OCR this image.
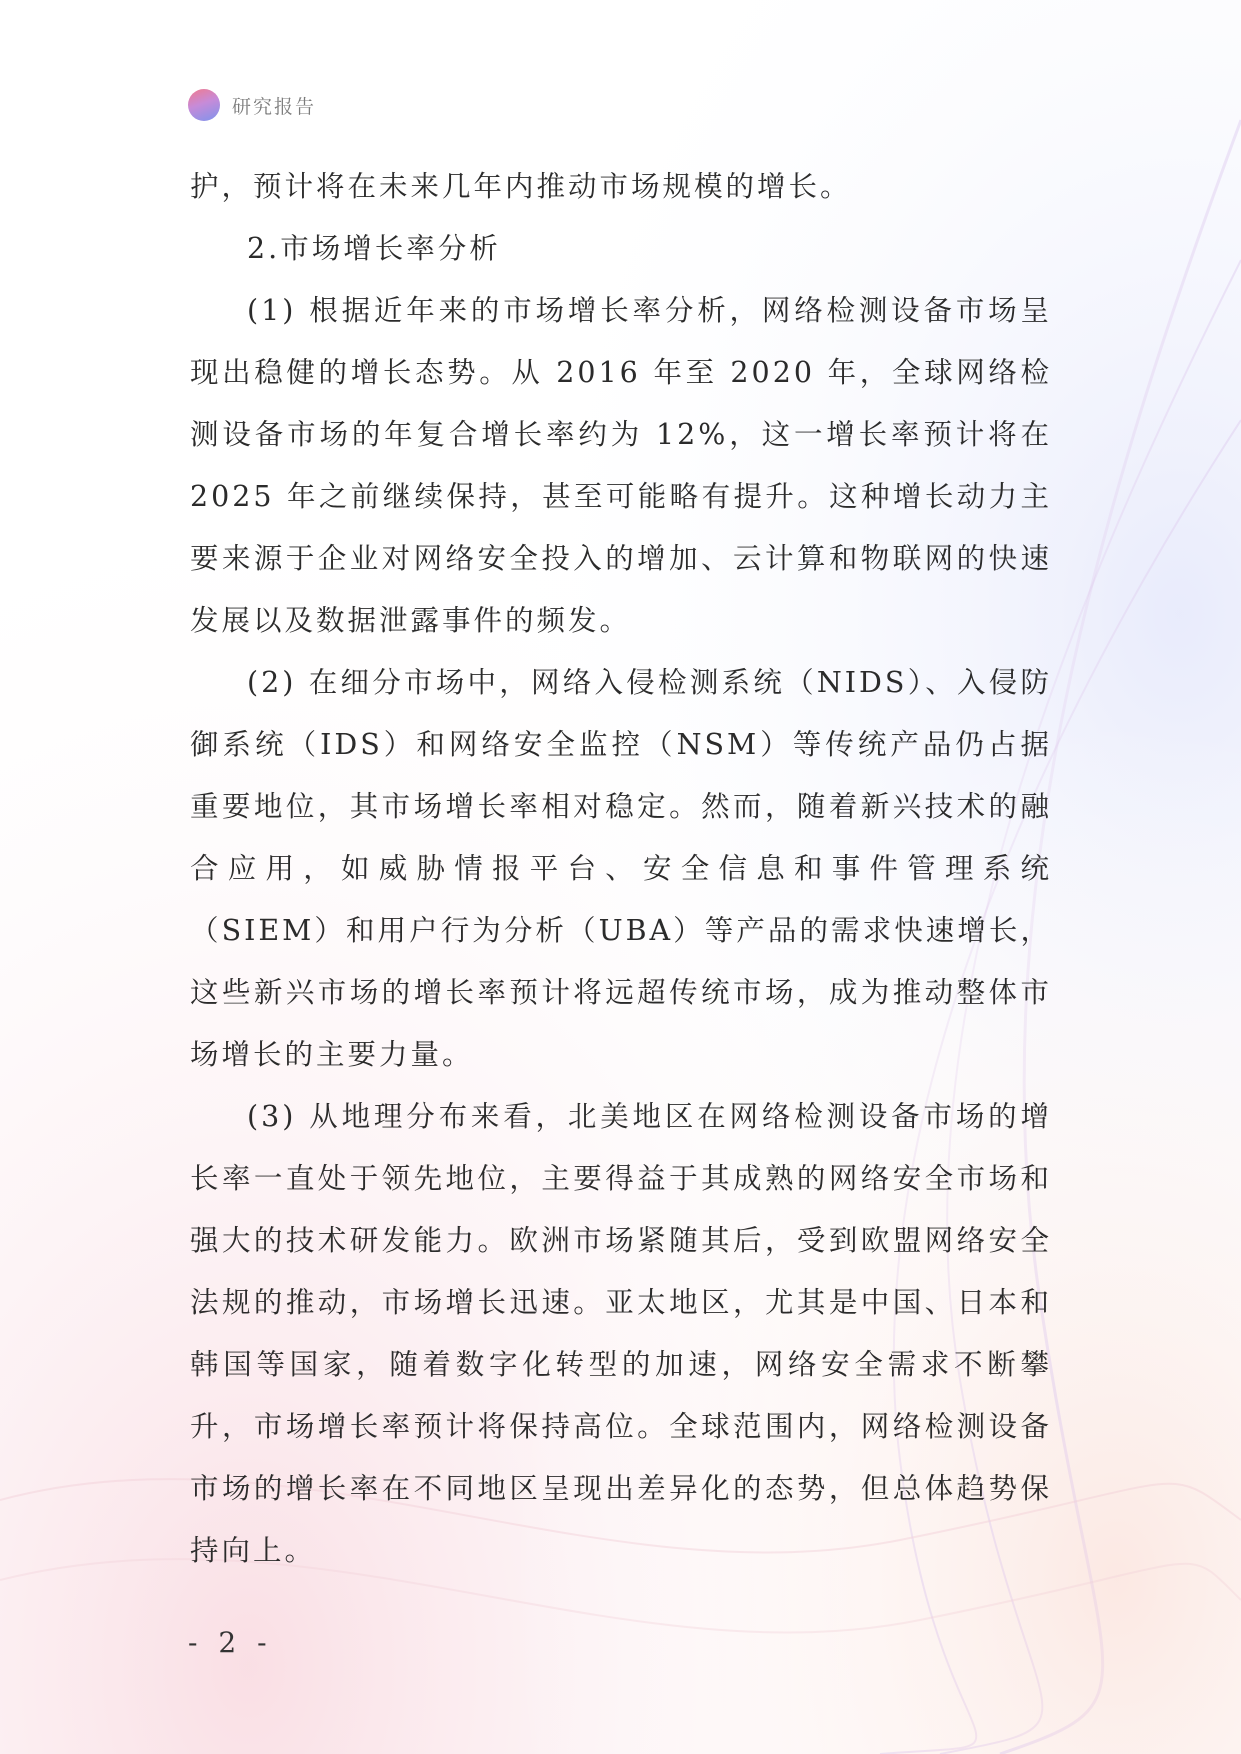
研究报告

护，预计将在未来几年内推动市场规模的增长。

2.市场增长率分析

(1) 根据近年来的市场增长率分析，网络检测设备市场呈现出稳健的增长态势。从 2016 年至 2020 年，全球网络检测设备市场的年复合增长率约为 12%，这一增长率预计将在 2025 年之前继续保持，甚至可能略有提升。这种增长动力主要来源于企业对网络安全投入的增加、云计算和物联网的快速发展以及数据泄露事件的频发。

(2) 在细分市场中，网络入侵检测系统（NIDS）、入侵防御系统（IDS）和网络安全监控（NSM）等传统产品仍占据重要地位，其市场增长率相对稳定。然而，随着新兴技术的融合应用，如威胁情报平台、安全信息和事件管理系统（SIEM）和用户行为分析（UBA）等产品的需求快速增长，这些新兴市场的增长率预计将远超传统市场，成为推动整体市场增长的主要力量。

(3) 从地理分布来看，北美地区在网络检测设备市场的增长率一直处于领先地位，主要得益于其成熟的网络安全市场和强大的技术研发能力。欧洲市场紧随其后，受到欧盟网络安全法规的推动，市场增长迅速。亚太地区，尤其是中国、日本和韩国等国家，随着数字化转型的加速，网络安全需求不断攀升，市场增长率预计将保持高位。全球范围内，网络检测设备市场的增长率在不同地区呈现出差异化的态势，但总体趋势保持向上。

- 2 -
